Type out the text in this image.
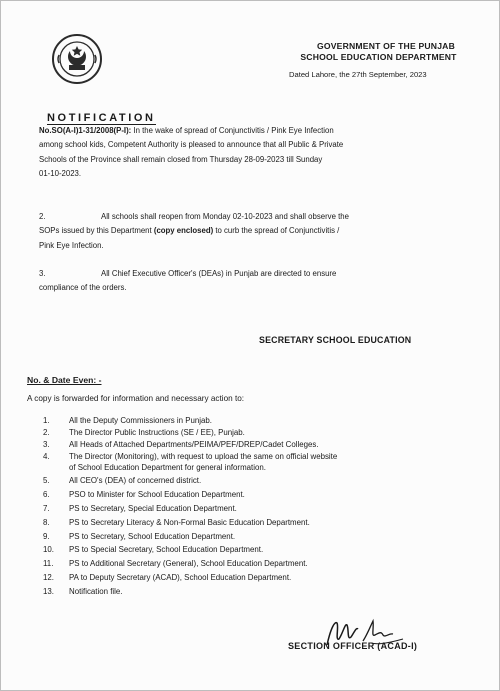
GOVERNMENT OF THE PUNJAB
SCHOOL EDUCATION DEPARTMENT
Dated Lahore, the 27th September, 2023
NOTIFICATION
No.SO(A-I)1-31/2008(P-I): In the wake of spread of Conjunctivitis / Pink Eye Infection
among school kids, Competent Authority is pleased to announce that all Public & Private
Schools of the Province shall remain closed from Thursday 28-09-2023 till Sunday
01-10-2023.
2.	All schools shall reopen from Monday 02-10-2023 and shall observe the
SOPs issued by this Department (copy enclosed) to curb the spread of Conjunctivitis /
Pink Eye Infection.
3.	All Chief Executive Officer's (DEAs) in Punjab are directed to ensure
compliance of the orders.
SECRETARY SCHOOL EDUCATION
No. & Date Even: -
A copy is forwarded for information and necessary action to:
1. All the Deputy Commissioners in Punjab.
2. The Director Public Instructions (SE / EE), Punjab.
3. All Heads of Attached Departments/PEIMA/PEF/DREP/Cadet Colleges.
4. The Director (Monitoring), with request to upload the same on official website
of School Education Department for general information.
5. All CEO's (DEA) of concerned district.
6. PSO to Minister for School Education Department.
7. PS to Secretary, Special Education Department.
8. PS to Secretary Literacy & Non-Formal Basic Education Department.
9. PS to Secretary, School Education Department.
10. PS to Special Secretary, School Education Department.
11. PS to Additional Secretary (General), School Education Department.
12. PA to Deputy Secretary (ACAD), School Education Department.
13. Notification file.
SECTION OFFICER (ACAD-I)
